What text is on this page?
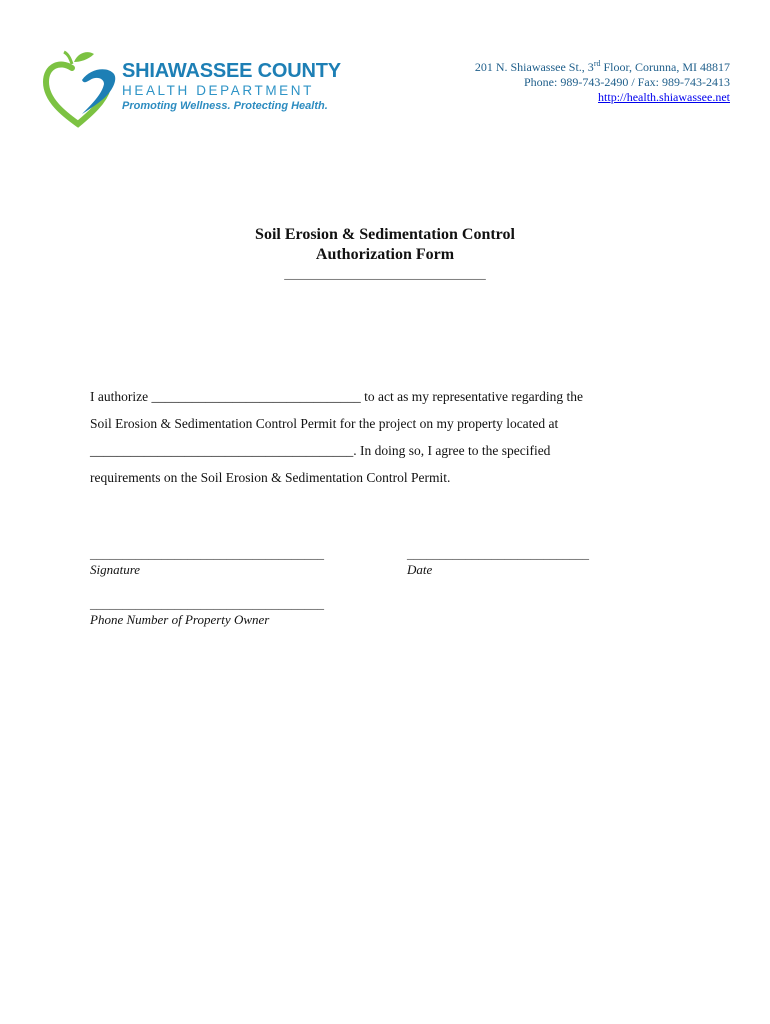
SHIAWASSEE COUNTY
HEALTH DEPARTMENT
Promoting Wellness. Protecting Health.
201 N. Shiawassee St., 3rd Floor, Corunna, MI 48817
Phone: 989-743-2490 / Fax: 989-743-2413
http://health.shiawassee.net
Soil Erosion & Sedimentation Control
Authorization Form
_______________________________

I authorize _______________________________ to act as my representative regarding the

Soil Erosion & Sedimentation Control Permit for the project on my property located at

_______________________________________. In doing so, I agree to the specified

requirements on the Soil Erosion & Sedimentation Control Permit.

____________________________________
Signature
____________________________
Date
____________________________________
Phone Number of Property Owner
